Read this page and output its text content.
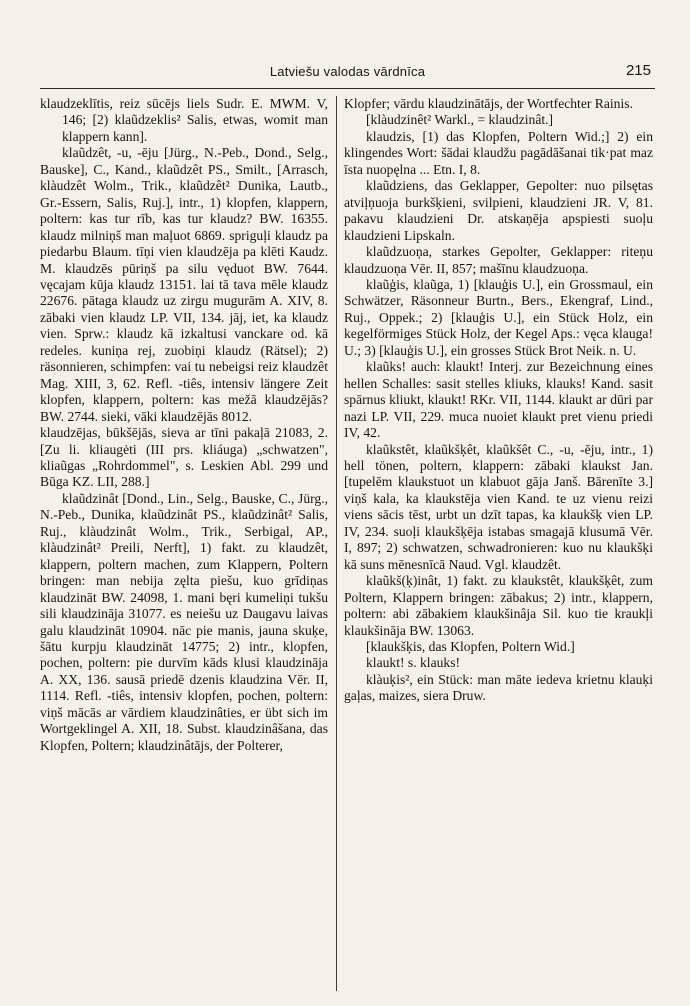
Latviešu valodas vārdnīca	215

klaudzeklītis, reiz sūcējs liels Sudr. E. MWM. V, 146; [2) klaũdzeklis² Salis, etwas, womit man klappern kann].

klaũdzêt, -u, -ēju [Jürg., N.-Peb., Dond., Selg., Bauske], C., Kand., klaũdzêt PS., Smilt., [Arrasch, klàudzêt Wolm., Trik., klaũdzêt² Dunika, Lautb., Gr.-Essern, Salis, Ruj.], intr., 1) klopfen, klappern, poltern: kas tur rīb, kas tur klaudz? BW. 16355. klaudz milniņš man maļuot 6869. spriguļi klaudz pa piedarbu Blaum. tīņi vien klaudzēja pa klēti Kaudz. M. klaudzēs pūriņš pa silu vęduot BW. 7644. vęcajam kūja klaudz 13151. lai tā tava mēle klaudz 22676. pātaga klaudz uz zirgu mugurām A. XIV, 8. zābaki vien klaudz LP. VII, 134. jāj, iet, ka klaudz vien. Sprw.: klaudz kā izkaltusi vanckare od. kā redeles. kuniņa rej, zuobiņi klaudz (Rätsel); 2) räsonnieren, schimpfen: vai tu nebeigsi reiz klaudzêt Mag. XIII, 3, 62. Refl. -tiês, intensiv längere Zeit klopfen, klappern, poltern: kas mežā klaudzējās? BW. 2744. sieki, vāki klaudzējās 8012.

klaudzējas, būkšējās, sieva ar tīni pakaļā 21083, 2. [Zu li. kliaugėti (III prs. kliáuga) „schwatzen", kliaũgas „Rohrdommel", s. Leskien Abl. 299 und Būga KZ. LII, 288.]

klaũdzinât [Dond., Lin., Selg., Bauske, C., Jürg., N.-Peb., Dunika, klaũdzinât PS., klaũdzinât² Salis, Ruj., klàudzinât Wolm., Trik., Serbigal, AP., klàudzinât² Preili, Nerft], 1) fakt. zu klaudzêt, klappern, poltern machen, zum Klappern, Poltern bringen: man nebija zęlta piešu, kuo grīdiņas klaudzināt BW. 24098, 1. mani bęri kumeliņi tukšu sili klaudzināja 31077. es neiešu uz Daugavu laivas galu klaudzināt 10904. nāc pie manis, jauna skuķe, šātu kurpju klaudzināt 14775; 2) intr., klopfen, pochen, poltern: pie durvīm kāds klusi klaudzināja A. XX, 136. sausā priedē dzenis klaudzina Vēr. II, 1114. Refl. -tiês, intensiv klopfen, pochen, poltern: viņš mācās ar vārdiem klaudzinâties, er übt sich im Wortgeklingel A. XII, 18. Subst. klaudzinâšana, das Klopfen, Poltern; klaudzinâtājs, der Polterer,

Klopfer; vārdu klaudzinātājs, der Wortfechter Rainis.

[klàudzinêt² Warkl., = klaudzinât.]

klaudzis, [1) das Klopfen, Poltern Wid.;] 2) ein klingendes Wort: šādai klaudžu pagādāšanai tik·pat maz īsta nuopęlna ... Etn. I, 8.

klaũdziens, das Geklapper, Gepolter: nuo pilsętas atviļņuoja burkšķieni, svilpieni, klaudzieni JR. V, 81. pakavu klaudzieni Dr. atskaņēja apspiesti suoļu klaudzieni Lipskaln.

klaũdzuoņa, starkes Gepolter, Geklapper: riteņu klaudzuoņa Vēr. II, 857; mašīnu klaudzuoņa.

klaũģis, klaũga, 1) [klauģis U.], ein Grossmaul, ein Schwätzer, Räsonneur Burtn., Bers., Ekengraf, Lind., Ruj., Oppek.; 2) [klauģis U.], ein Stück Holz, ein kegelförmiges Stück Holz, der Kegel Aps.: vęca klauga! U.; 3) [klauģis U.], ein grosses Stück Brot Neik. n. U.

klaũks! auch: klaukt! Interj. zur Bezeichnung eines hellen Schalles: sasit stelles kliuks, klauks! Kand. sasit spārnus kliukt, klaukt! RKr. VII, 1144. klaukt ar dūri par nazi LP. VII, 229. muca nuoiet klaukt pret vienu priedi IV, 42.

klaũkstêt, klaũkšķêt, klaũkšêt C., -u, -ēju, intr., 1) hell tönen, poltern, klappern: zābaki klaukst Jan. [tupelēm klaukstuot un klabuot gāja Janš. Bārenīte 3.] viņš kala, ka klaukstēja vien Kand. te uz vienu reizi viens sācis tēst, urbt un dzīt tapas, ka klaukšķ vien LP. IV, 234. suoļi klaukšķēja istabas smagajā klusumā Vēr. I, 897; 2) schwatzen, schwadronieren: kuo nu klaukšķi kā suns mēnesnīcā Naud. Vgl. klaudzêt.

klaũkš(ķ)inât, 1) fakt. zu klaukstêt, klaukšķêt, zum Poltern, Klappern bringen: zābakus; 2) intr., klappern, poltern: abi zābakiem klaukšinâja Sil. kuo tie kraukļi klaukšināja BW. 13063.

[klaukšķis, das Klopfen, Poltern Wid.]

klaukt! s. klauks!

klàuķis², ein Stück: man māte iedeva krietnu klauķi gaļas, maizes, siera Druw.
